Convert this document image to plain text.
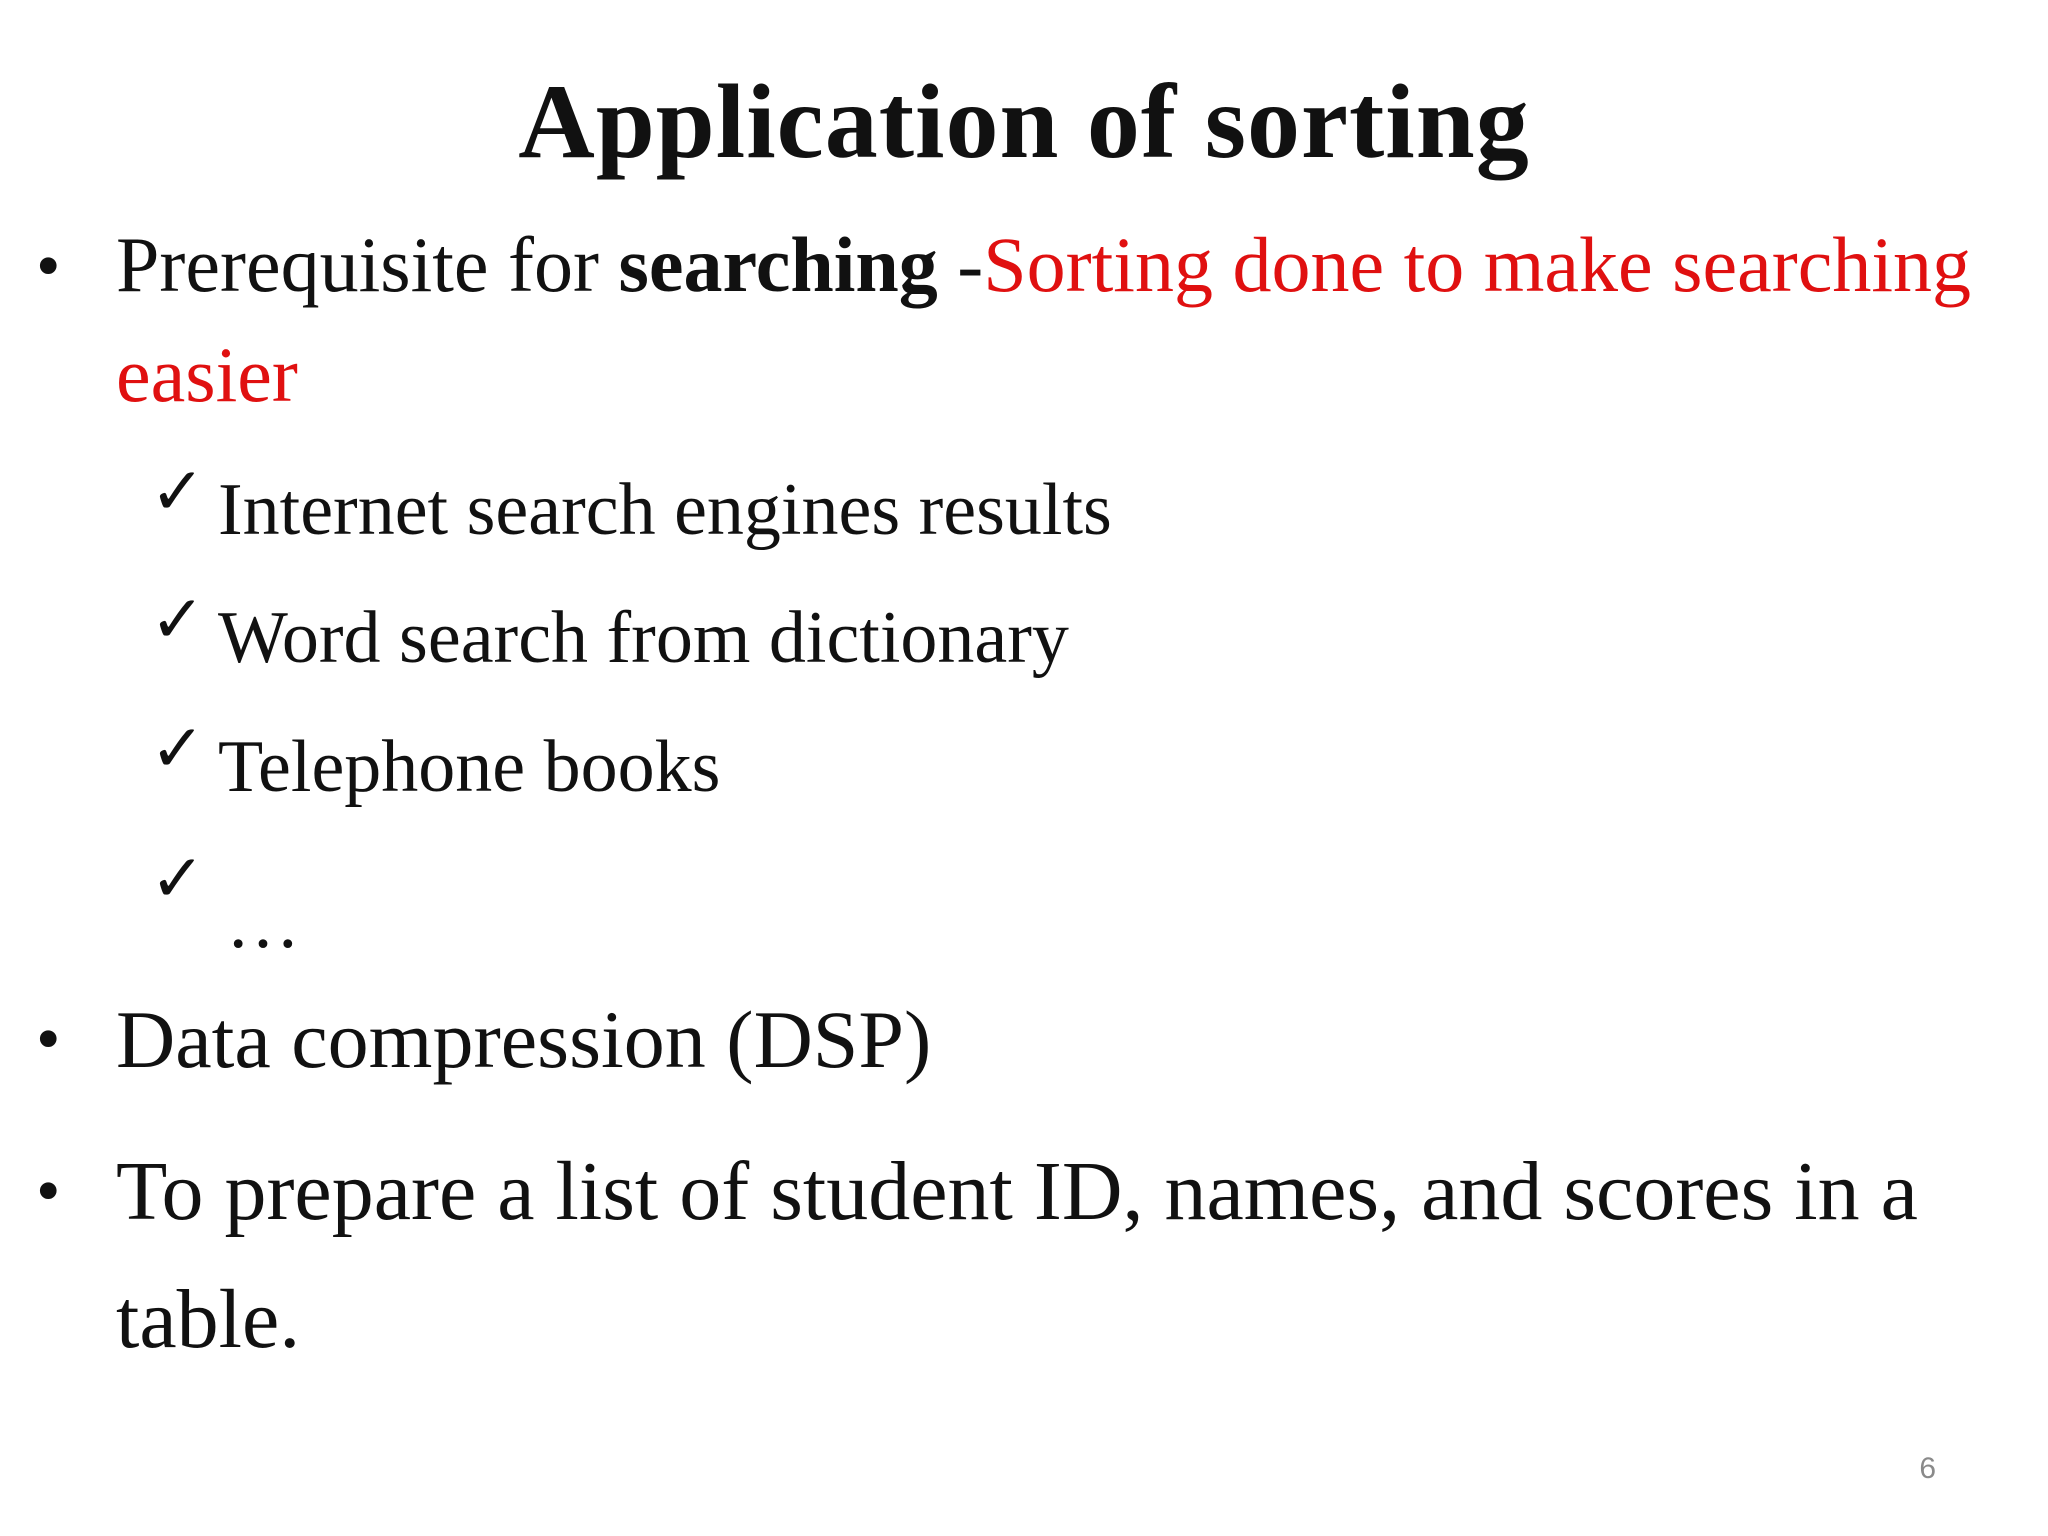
Application of sorting
• Prerequisite for searching -Sorting done to make searching easier
✓ Internet search engines results
✓ Word search from dictionary
✓ Telephone books
✓
…
• Data compression (DSP)
• To prepare a list of student ID, names, and scores in a table.
6
